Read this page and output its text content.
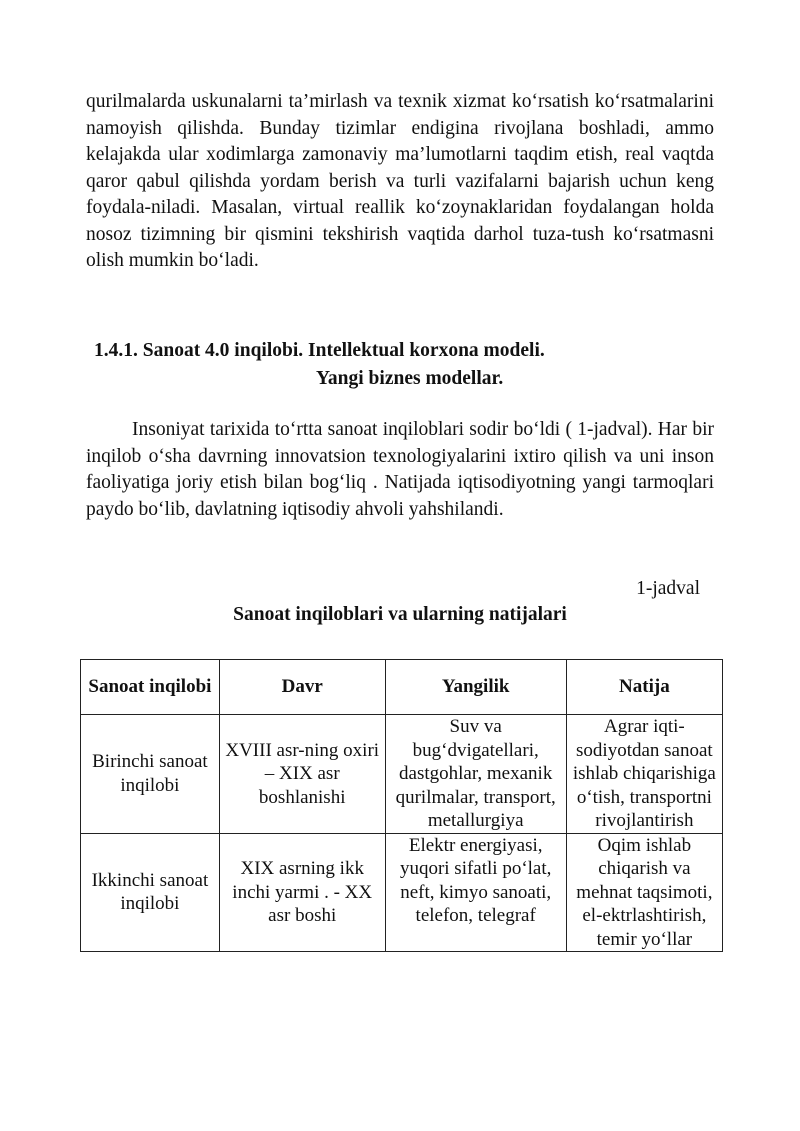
qurilmalarda uskunalarni ta’mirlash va texnik xizmat ko‘rsatish ko‘rsatmalarini namoyish qilishda. Bunday tizimlar endigina rivojlana boshladi, ammo kelajakda ular xodimlarga zamonaviy ma’lumotlarni taqdim etish, real vaqtda qaror qabul qilishda yordam berish va turli vazifalarni bajarish uchun keng foydala-niladi. Masalan, virtual reallik ko‘zoynaklaridan foydalangan holda nosoz tizimning bir qismini tekshirish vaqtida darhol tuza-tush ko‘rsatmasni olish mumkin bo‘ladi.

1.4.1. Sanoat 4.0 inqilobi. Intellektual korxona modeli.
Yangi biznes modellar.

Insoniyat tarixida to‘rtta sanoat inqiloblari sodir bo‘ldi ( 1-jadval). Har bir inqilob o‘sha davrning innovatsion texnologiyalarini ixtiro qilish va uni inson faoliyatiga joriy etish bilan bog‘liq . Natijada iqtisodiyotning yangi tarmoqlari paydo bo‘lib, davlatning iqtisodiy ahvoli yahshilandi.

1-jadval
Sanoat inqiloblari va ularning natijalari
Sanoat inqilobi	Davr	Yangilik	Natija
Birinchi sanoat inqilobi	XVIII asr-ning oxiri – XIX asr boshlanishi	Suv va bug‘dvigatellari, dastgohlar, mexanik qurilmalar, transport, metallurgiya	Agrar iqti-sodiyotdan sanoat ishlab chiqarishiga o‘tish, transportni rivojlantirish
Ikkinchi sanoat inqilobi	XIX asrning ikk inchi yarmi . - XX asr boshi	Elektr energiyasi, yuqori sifatli po‘lat, neft, kimyo sanoati, telefon, telegraf	Oqim ishlab chiqarish va mehnat taqsimoti, el-ektrlashtirish, temir yo‘llar
